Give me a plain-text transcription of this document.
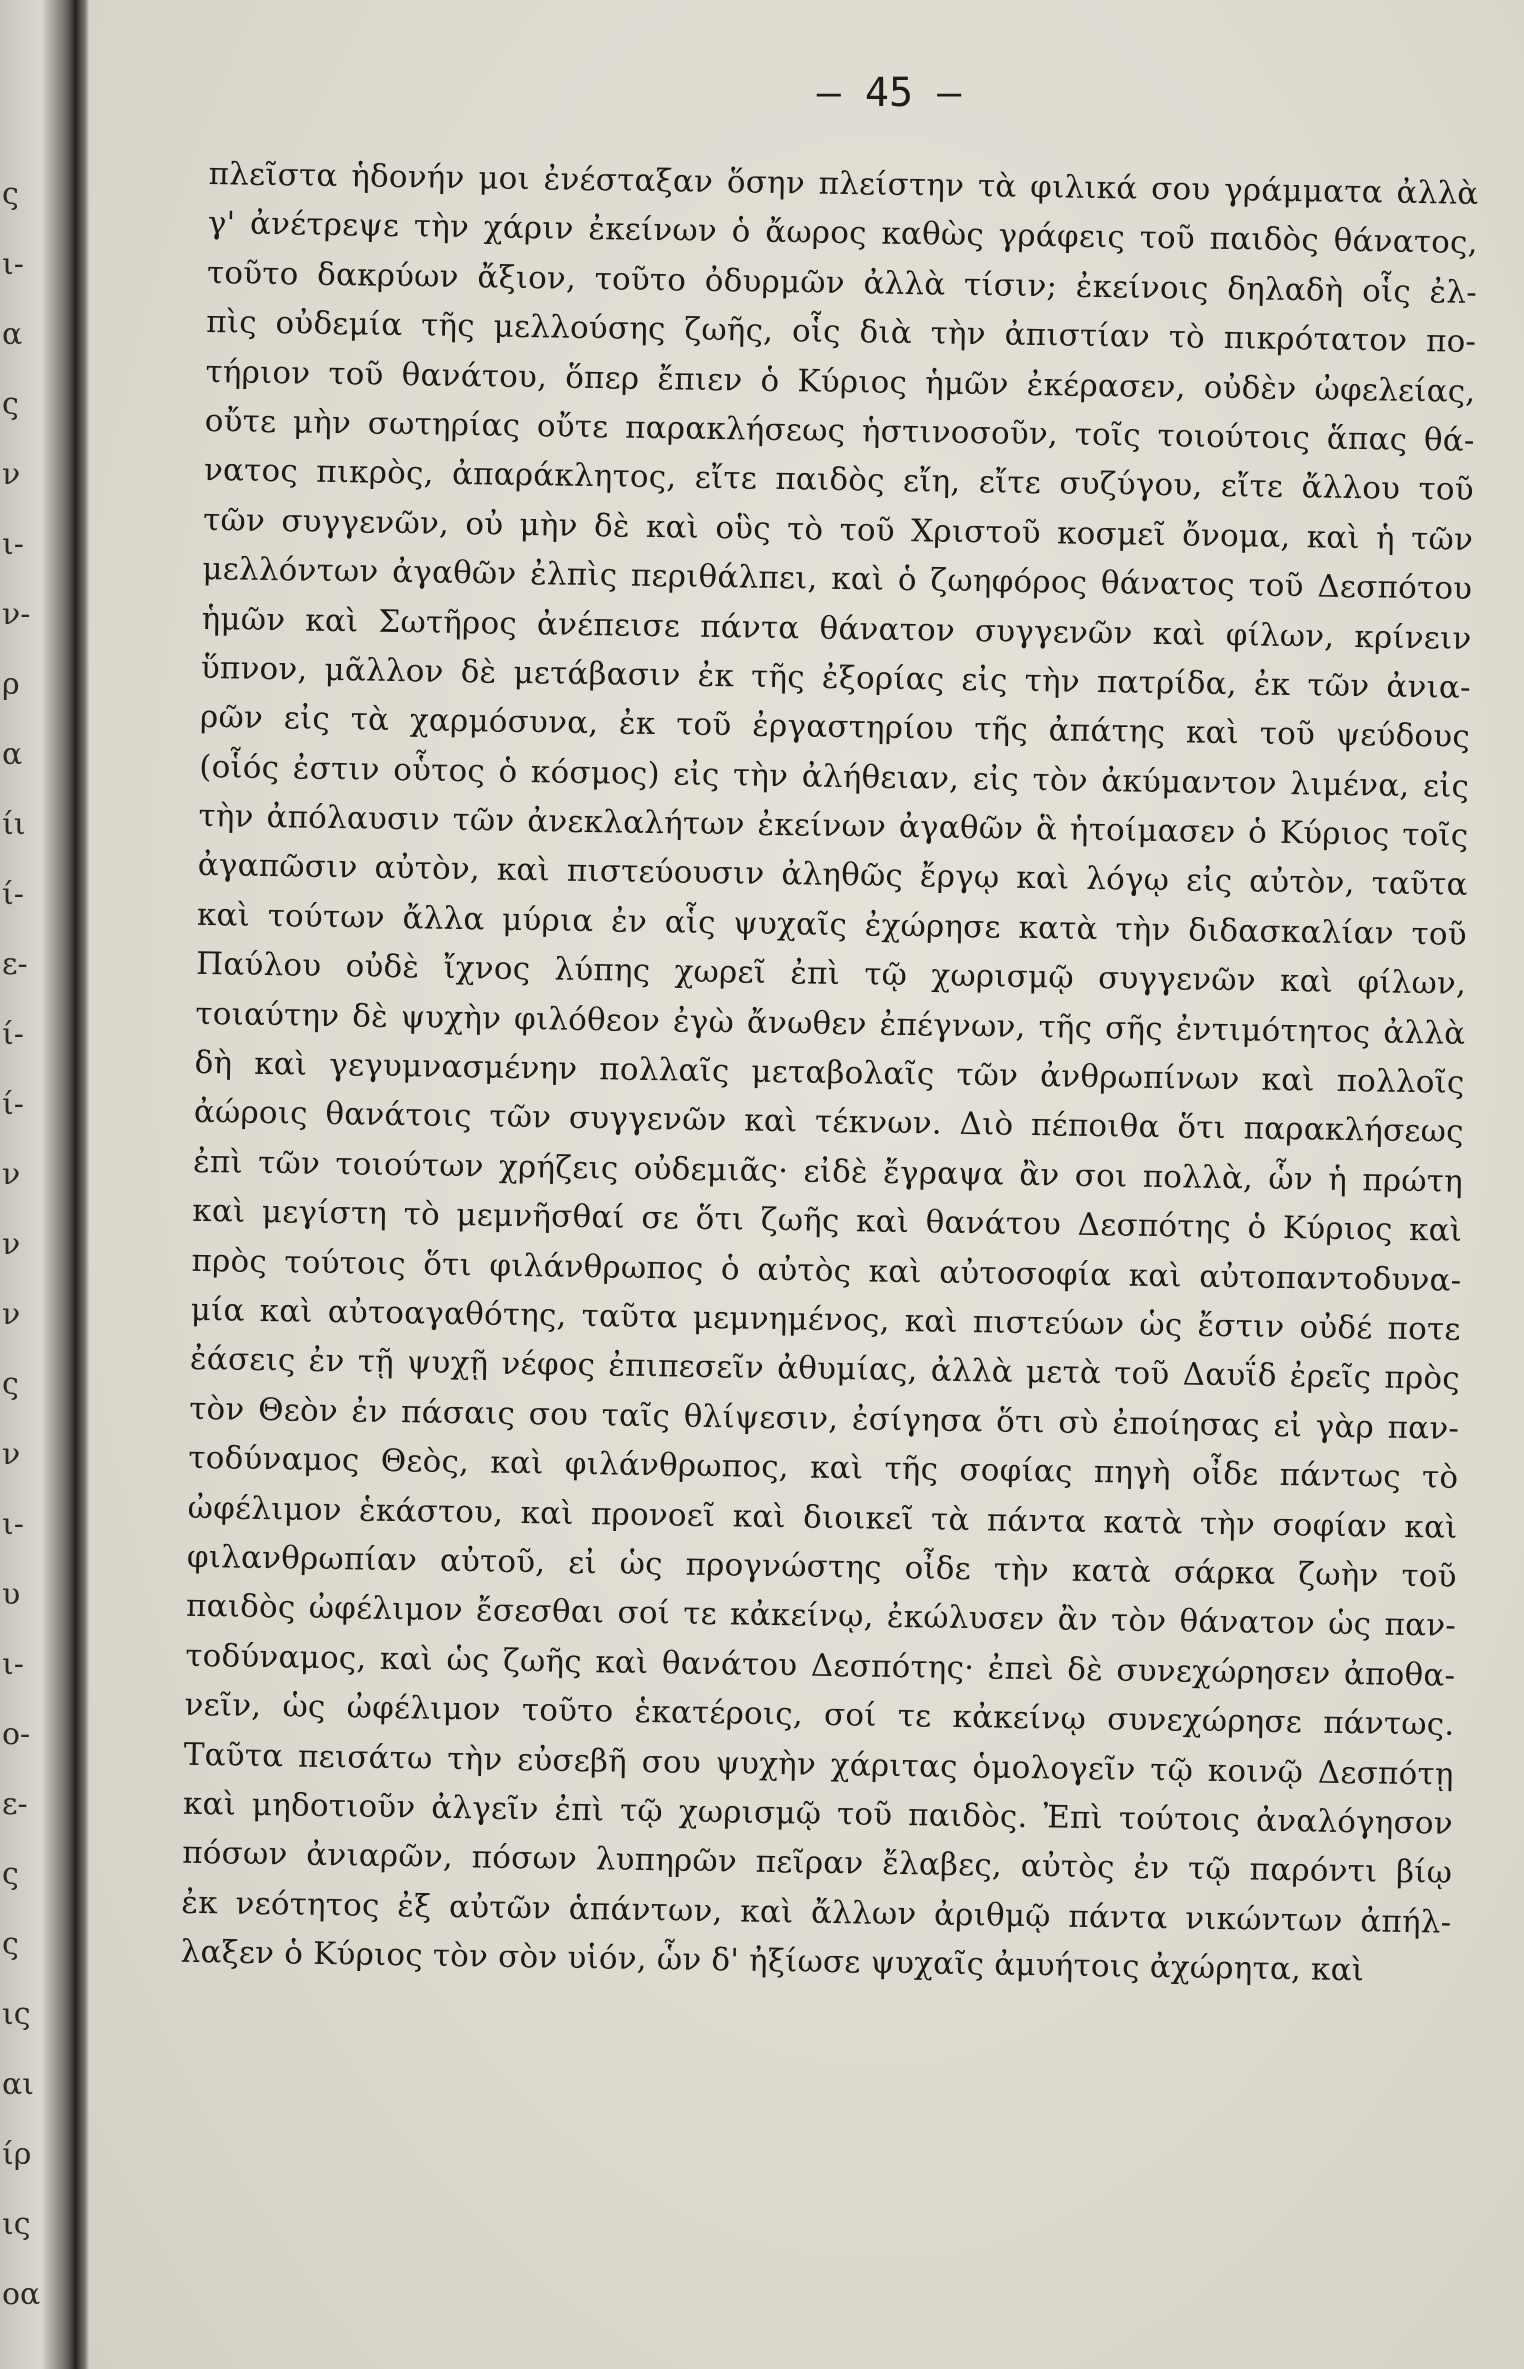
ς
ι-
α
ς
ν
ι-
ν-
ρ
α
ίι
ί-
ε-
ί-
ί-
ν
ν
ν
ς
ν
ι-
υ
ι-
ο-
ε-
ς
ς
ις
αι
ίρ
ις
οα
— 45 —
πλεῖστα ἡδονήν μοι ἐνέσταξαν ὅσην πλείστην τὰ φιλικά σου γράμματα ἀλλὰ
γ' ἀνέτρεψε τὴν χάριν ἐκείνων ὁ ἄωρος καθὼς γράφεις τοῦ παιδὸς θάνατος,
τοῦτο δακρύων ἄξιον, τοῦτο ὀδυρμῶν ἀλλὰ τίσιν; ἐκείνοις δηλαδὴ οἷς ἐλ-
πὶς οὐδεμία τῆς μελλούσης ζωῆς, οἷς διὰ τὴν ἀπιστίαν τὸ πικρότατον πο-
τήριον τοῦ θανάτου, ὅπερ ἔπιεν ὁ Κύριος ἡμῶν ἐκέρασεν, οὐδὲν ὠφελείας,
οὔτε μὴν σωτηρίας οὔτε παρακλήσεως ἡστινοσοῦν, τοῖς τοιούτοις ἅπας θά-
νατος πικρὸς, ἀπαράκλητος, εἴτε παιδὸς εἴη, εἴτε συζύγου, εἴτε ἄλλου τοῦ
τῶν συγγενῶν, οὐ μὴν δὲ καὶ οὓς τὸ τοῦ Χριστοῦ κοσμεῖ ὄνομα, καὶ ἡ τῶν
μελλόντων ἀγαθῶν ἐλπὶς περιθάλπει, καὶ ὁ ζωηφόρος θάνατος τοῦ Δεσπότου
ἡμῶν καὶ Σωτῆρος ἀνέπεισε πάντα θάνατον συγγενῶν καὶ φίλων, κρίνειν
ὕπνον, μᾶλλον δὲ μετάβασιν ἐκ τῆς ἐξορίας εἰς τὴν πατρίδα, ἐκ τῶν ἀνια-
ρῶν εἰς τὰ χαρμόσυνα, ἐκ τοῦ ἐργαστηρίου τῆς ἀπάτης καὶ τοῦ ψεύδους
(οἷός ἐστιν οὗτος ὁ κόσμος) εἰς τὴν ἀλήθειαν, εἰς τὸν ἀκύμαντον λιμένα, εἰς
τὴν ἀπόλαυσιν τῶν ἀνεκλαλήτων ἐκείνων ἀγαθῶν ἃ ἡτοίμασεν ὁ Κύριος τοῖς
ἀγαπῶσιν αὐτὸν, καὶ πιστεύουσιν ἀληθῶς ἔργῳ καὶ λόγῳ εἰς αὐτὸν, ταῦτα
καὶ τούτων ἄλλα μύρια ἐν αἷς ψυχαῖς ἐχώρησε κατὰ τὴν διδασκαλίαν τοῦ
Παύλου οὐδὲ ἴχνος λύπης χωρεῖ ἐπὶ τῷ χωρισμῷ συγγενῶν καὶ φίλων,
τοιαύτην δὲ ψυχὴν φιλόθεον ἐγὼ ἄνωθεν ἐπέγνων, τῆς σῆς ἐντιμότητος ἀλλὰ
δὴ καὶ γεγυμνασμένην πολλαῖς μεταβολαῖς τῶν ἀνθρωπίνων καὶ πολλοῖς
ἀώροις θανάτοις τῶν συγγενῶν καὶ τέκνων. Διὸ πέποιθα ὅτι παρακλήσεως
ἐπὶ τῶν τοιούτων χρήζεις οὐδεμιᾶς· εἰδὲ ἔγραψα ἂν σοι πολλὰ, ὧν ἡ πρώτη
καὶ μεγίστη τὸ μεμνῆσθαί σε ὅτι ζωῆς καὶ θανάτου Δεσπότης ὁ Κύριος καὶ
πρὸς τούτοις ὅτι φιλάνθρωπος ὁ αὐτὸς καὶ αὐτοσοφία καὶ αὐτοπαντοδυνα-
μία καὶ αὐτοαγαθότης, ταῦτα μεμνημένος, καὶ πιστεύων ὡς ἔστιν οὐδέ ποτε
ἐάσεις ἐν τῇ ψυχῇ νέφος ἐπιπεσεῖν ἀθυμίας, ἀλλὰ μετὰ τοῦ Δαυΐδ ἐρεῖς πρὸς
τὸν Θεὸν ἐν πάσαις σου ταῖς θλίψεσιν, ἐσίγησα ὅτι σὺ ἐποίησας εἰ γὰρ παν-
τοδύναμος Θεὸς, καὶ φιλάνθρωπος, καὶ τῆς σοφίας πηγὴ οἶδε πάντως τὸ
ὠφέλιμον ἑκάστου, καὶ προνοεῖ καὶ διοικεῖ τὰ πάντα κατὰ τὴν σοφίαν καὶ
φιλανθρωπίαν αὐτοῦ, εἰ ὡς προγνώστης οἶδε τὴν κατὰ σάρκα ζωὴν τοῦ
παιδὸς ὠφέλιμον ἔσεσθαι σοί τε κἀκείνῳ, ἐκώλυσεν ἂν τὸν θάνατον ὡς παν-
τοδύναμος, καὶ ὡς ζωῆς καὶ θανάτου Δεσπότης· ἐπεὶ δὲ συνεχώρησεν ἀποθα-
νεῖν, ὡς ὠφέλιμον τοῦτο ἑκατέροις, σοί τε κἀκείνῳ συνεχώρησε πάντως.
Ταῦτα πεισάτω τὴν εὐσεβῆ σου ψυχὴν χάριτας ὁμολογεῖν τῷ κοινῷ Δεσπότῃ
καὶ μηδοτιοῦν ἀλγεῖν ἐπὶ τῷ χωρισμῷ τοῦ παιδὸς. Ἐπὶ τούτοις ἀναλόγησον
πόσων ἀνιαρῶν, πόσων λυπηρῶν πεῖραν ἔλαβες, αὐτὸς ἐν τῷ παρόντι βίῳ
ἐκ νεότητος ἐξ αὐτῶν ἁπάντων, καὶ ἄλλων ἀριθμῷ πάντα νικώντων ἀπήλ-
λαξεν ὁ Κύριος τὸν σὸν υἱόν, ὧν δ' ἠξίωσε ψυχαῖς ἀμυήτοις ἀχώρητα, καὶ
